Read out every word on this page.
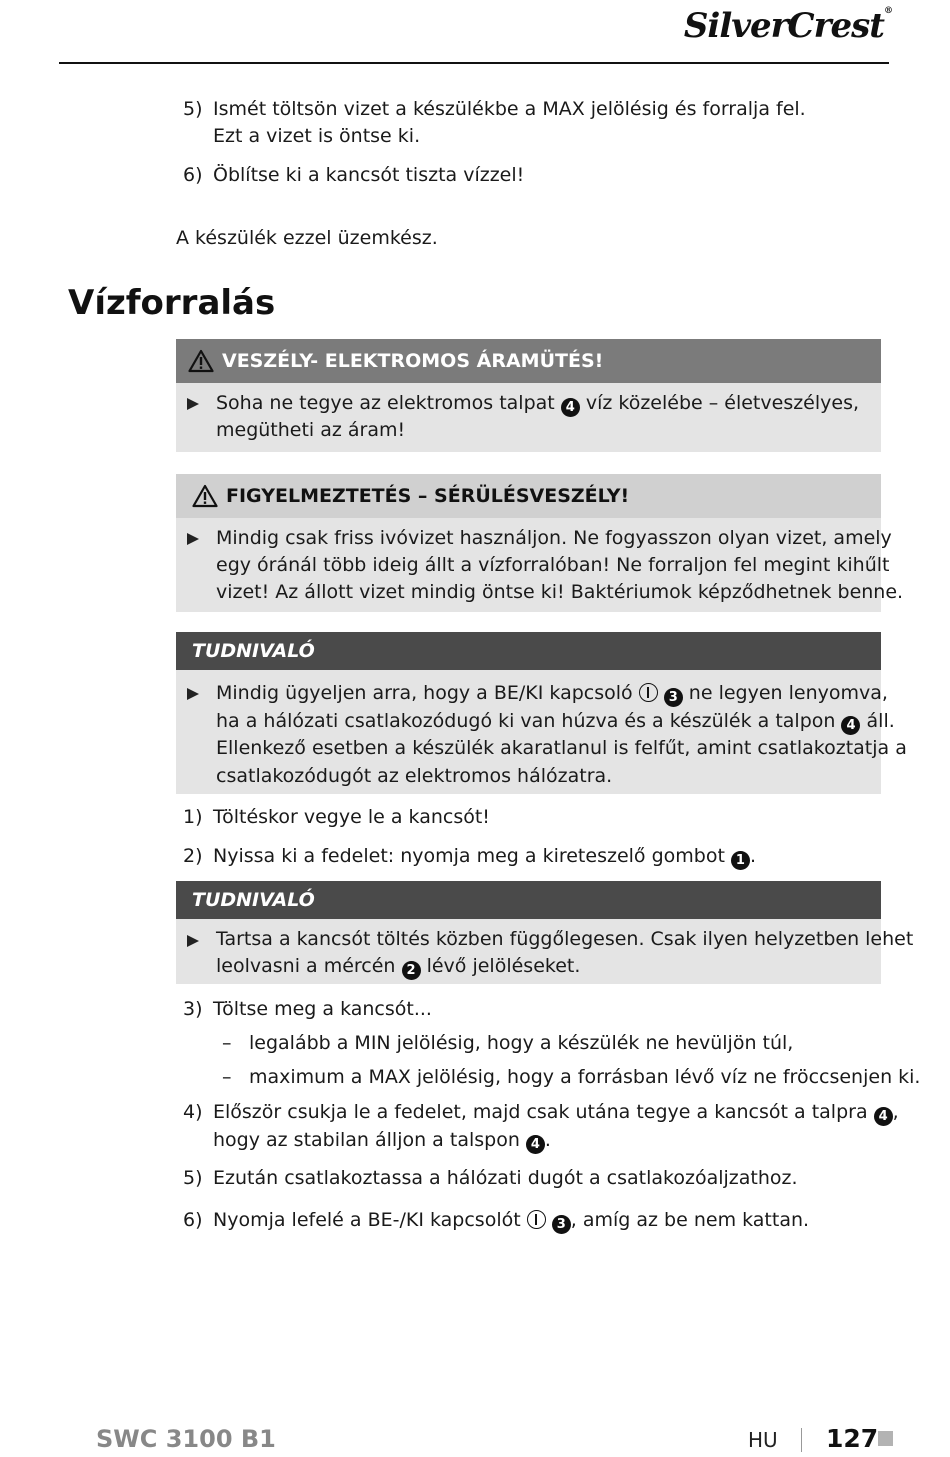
SilverCrest®
5) Ismét töltsön vizet a készülékbe a MAX jelölésig és forralja fel.
Ezt a vizet is öntse ki.
6) Öblítse ki a kancsót tiszta vízzel!
A készülék ezzel üzemkész.
Vízforralás
VESZÉLY- ELEKTROMOS ÁRAMÜTÉS!
Soha ne tegye az elektromos talpat 4 víz közelébe – életveszélyes,
megütheti az áram!
FIGYELMEZTETÉS – SÉRÜLÉSVESZÉLY!
Mindig csak friss ivóvizet használjon. Ne fogyasszon olyan vizet, amely
egy óránál több ideig állt a vízforralóban! Ne forraljon fel megint kihűlt
vizet! Az állott vizet mindig öntse ki! Baktériumok képződhetnek benne.
TUDNIVALÓ
Mindig ügyeljen arra, hogy a BE/KI kapcsoló	3 ne legyen lenyomva,
ha a hálózati csatlakozódugó ki van húzva és a készülék a talpon 4 áll.
Ellenkező esetben a készülék akaratlanul is felfűt, amint csatlakoztatja a
csatlakozódugót az elektromos hálózatra.
1) Töltéskor vegye le a kancsót!
2) Nyissa ki a fedelet: nyomja meg a kireteszelő gombot 1 .
TUDNIVALÓ
Tartsa a kancsót töltés közben függőlegesen. Csak ilyen helyzetben lehet
leolvasni a mércén 2 lévő jelöléseket.
3) Töltse meg a kancsót...
– legalább a MIN jelölésig, hogy a készülék ne hevüljön túl,
– maximum a MAX jelölésig, hogy a forrásban lévő víz ne fröccsenjen ki.
4) Először csukja le a fedelet, majd csak utána tegye a kancsót a talpra 4 ,
hogy az stabilan álljon a talspon 4 .
5) Ezután csatlakoztassa a hálózati dugót a csatlakozóaljzathoz.
6) Nyomja lefelé a BE-/KI kapcsolót	3 , amíg az be nem kattan.
SWC 3100 B1	HU 127
